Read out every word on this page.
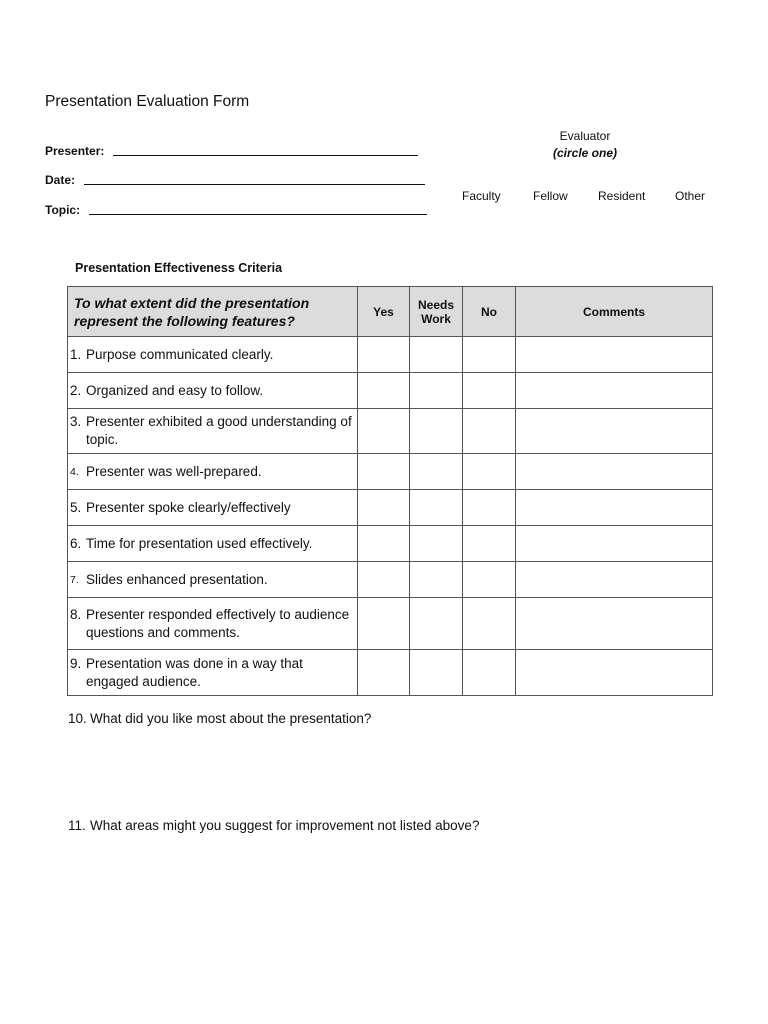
Presentation Evaluation Form
Presenter:
Date:
Topic:
Evaluator
(circle one)
Faculty	Fellow	Resident Other
Presentation Effectiveness Criteria
To what extent did the presentation represent the following features?	Yes	Needs Work	No	Comments

1. Purpose communicated clearly.				

2. Organized and easy to follow.				

3. Presenter exhibited a good understanding of topic.				

4. Presenter was well-prepared.				

5. Presenter spoke clearly/effectively				

6. Time for presentation used effectively.				

7. Slides enhanced presentation.				

8. Presenter responded effectively to audience questions and comments.				

9. Presentation was done in a way that engaged audience.				

10. What did you like most about the presentation?
11. What areas might you suggest for improvement not listed above?
